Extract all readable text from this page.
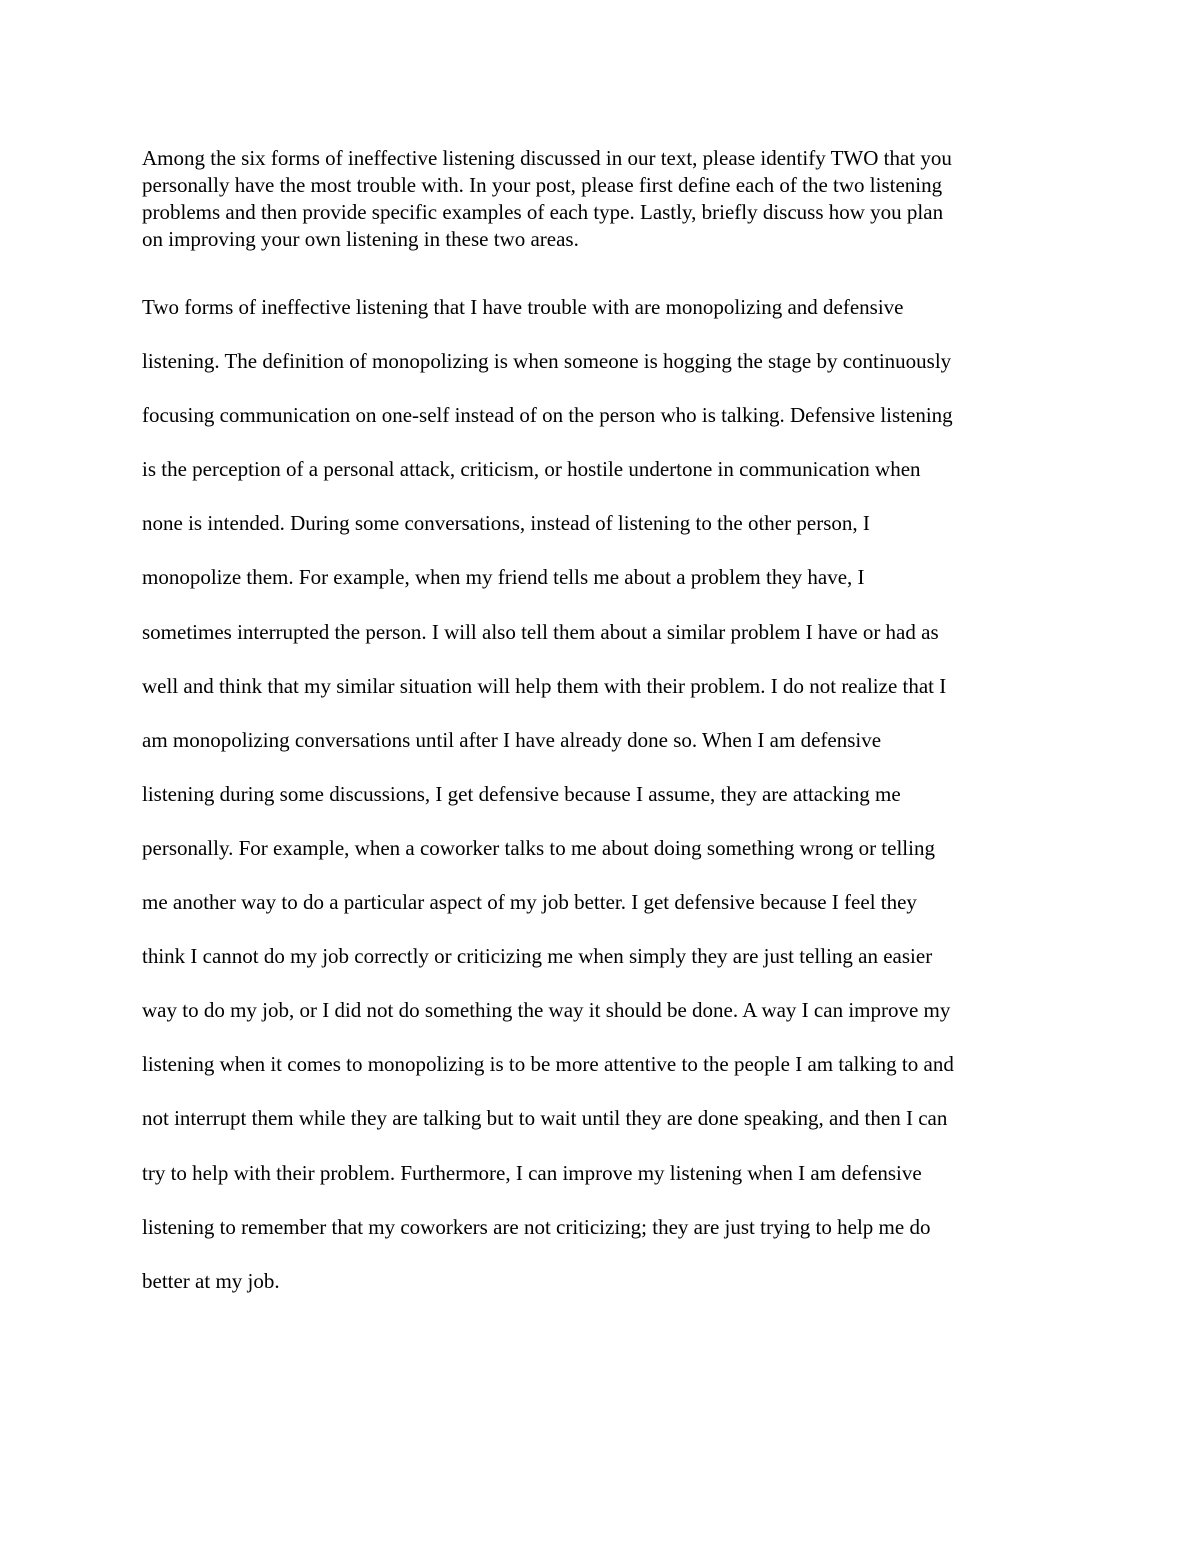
Among the six forms of ineffective listening discussed in our text, please identify TWO that you
personally have the most trouble with. In your post, please first define each of the two listening
problems and then provide specific examples of each type. Lastly, briefly discuss how you plan
on improving your own listening in these two areas.
Two forms of ineffective listening that I have trouble with are monopolizing and defensive
listening. The definition of monopolizing is when someone is hogging the stage by continuously
focusing communication on one-self instead of on the person who is talking. Defensive listening
is the perception of a personal attack, criticism, or hostile undertone in communication when
none is intended. During some conversations, instead of listening to the other person, I
monopolize them. For example, when my friend tells me about a problem they have, I
sometimes interrupted the person. I will also tell them about a similar problem I have or had as
well and think that my similar situation will help them with their problem. I do not realize that I
am monopolizing conversations until after I have already done so. When I am defensive
listening during some discussions, I get defensive because I assume, they are attacking me
personally. For example, when a coworker talks to me about doing something wrong or telling
me another way to do a particular aspect of my job better. I get defensive because I feel they
think I cannot do my job correctly or criticizing me when simply they are just telling an easier
way to do my job, or I did not do something the way it should be done. A way I can improve my
listening when it comes to monopolizing is to be more attentive to the people I am talking to and
not interrupt them while they are talking but to wait until they are done speaking, and then I can
try to help with their problem. Furthermore, I can improve my listening when I am defensive
listening to remember that my coworkers are not criticizing; they are just trying to help me do
better at my job.
